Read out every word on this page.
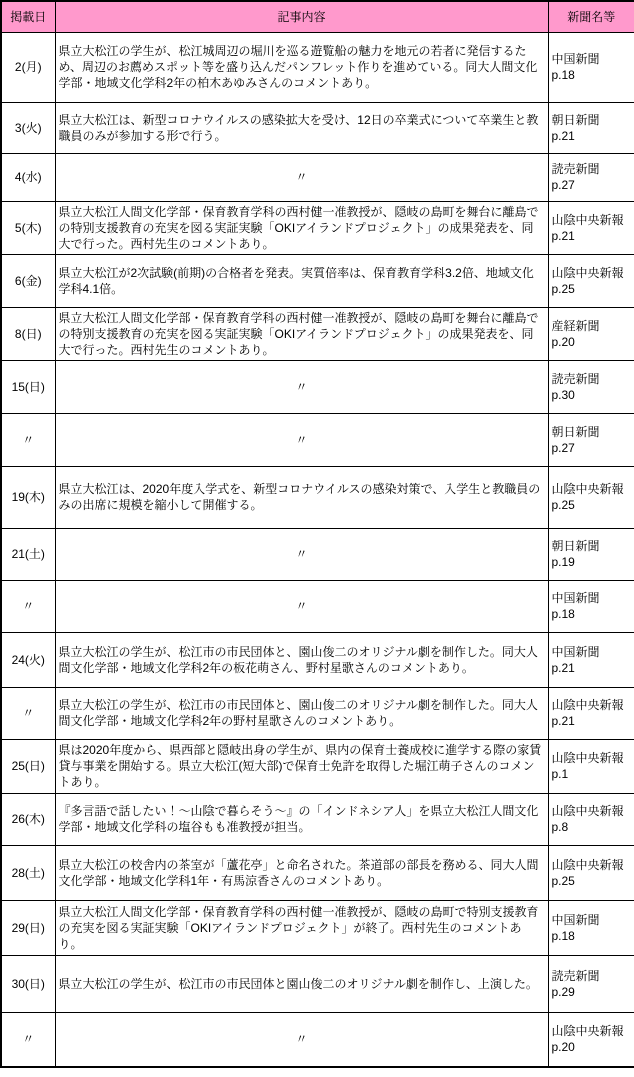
掲載日	記事内容	新聞名等
2(月)	県立大松江の学生が、松江城周辺の堀川を巡る遊覧船の魅力を地元の若者に発信するため、周辺のお薦めスポット等を盛り込んだパンフレット作りを進めている。同大人間文化学部・地域文化学科2年の柏木あゆみさんのコメントあり。	中国新聞
p.18

3(火)	県立大松江は、新型コロナウイルスの感染拡大を受け、12日の卒業式について卒業生と教職員のみが参加する形で行う。	朝日新聞
p.21

4(水)	〃	読売新聞
p.27

5(木)	県立大松江人間文化学部・保育教育学科の西村健一准教授が、隠岐の島町を舞台に離島での特別支援教育の充実を図る実証実験「OKIアイランドプロジェクト」の成果発表を、同大で行った。西村先生のコメントあり。	山陰中央新報
p.21

6(金)	県立大松江が2次試験(前期)の合格者を発表。実質倍率は、保育教育学科3.2倍、地域文化学科4.1倍。	山陰中央新報
p.25

8(日)	県立大松江人間文化学部・保育教育学科の西村健一准教授が、隠岐の島町を舞台に離島での特別支援教育の充実を図る実証実験「OKIアイランドプロジェクト」の成果発表を、同大で行った。西村先生のコメントあり。	産経新聞
p.20

15(日)	〃	読売新聞
p.30

〃	〃	朝日新聞
p.27

19(木)	県立大松江は、2020年度入学式を、新型コロナウイルスの感染対策で、入学生と教職員のみの出席に規模を縮小して開催する。	山陰中央新報
p.25

21(土)	〃	朝日新聞
p.19

〃	〃	中国新聞
p.18

24(火)	県立大松江の学生が、松江市の市民団体と、園山俊二のオリジナル劇を制作した。同大人間文化学部・地域文化学科2年の板花萌さん、野村星歌さんのコメントあり。	中国新聞
p.21

〃	県立大松江の学生が、松江市の市民団体と、園山俊二のオリジナル劇を制作した。同大人間文化学部・地域文化学科2年の野村星歌さんのコメントあり。	山陰中央新報
p.21

25(日)	県は2020年度から、県西部と隠岐出身の学生が、県内の保育士養成校に進学する際の家賃貸与事業を開始する。県立大松江(短大部)で保育士免許を取得した堀江萌子さんのコメントあり。	山陰中央新報
p.1

26(木)	『多言語で話したい！～山陰で暮らそう～』の「インドネシア人」を県立大松江人間文化学部・地域文化学科の塩谷もも准教授が担当。	山陰中央新報
p.8

28(土)	県立大松江の校舎内の茶室が「蘆花亭」と命名された。茶道部の部長を務める、同大人間文化学部・地域文化学科1年・有馬涼香さんのコメントあり。	山陰中央新報
p.25

29(日)	県立大松江人間文化学部・保育教育学科の西村健一准教授が、隠岐の島町で特別支援教育の充実を図る実証実験「OKIアイランドプロジェクト」が終了。西村先生のコメントあり。	中国新聞
p.18

30(日)	県立大松江の学生が、松江市の市民団体と園山俊二のオリジナル劇を制作し、上演した。	読売新聞
p.29

〃	〃	山陰中央新報
p.20
